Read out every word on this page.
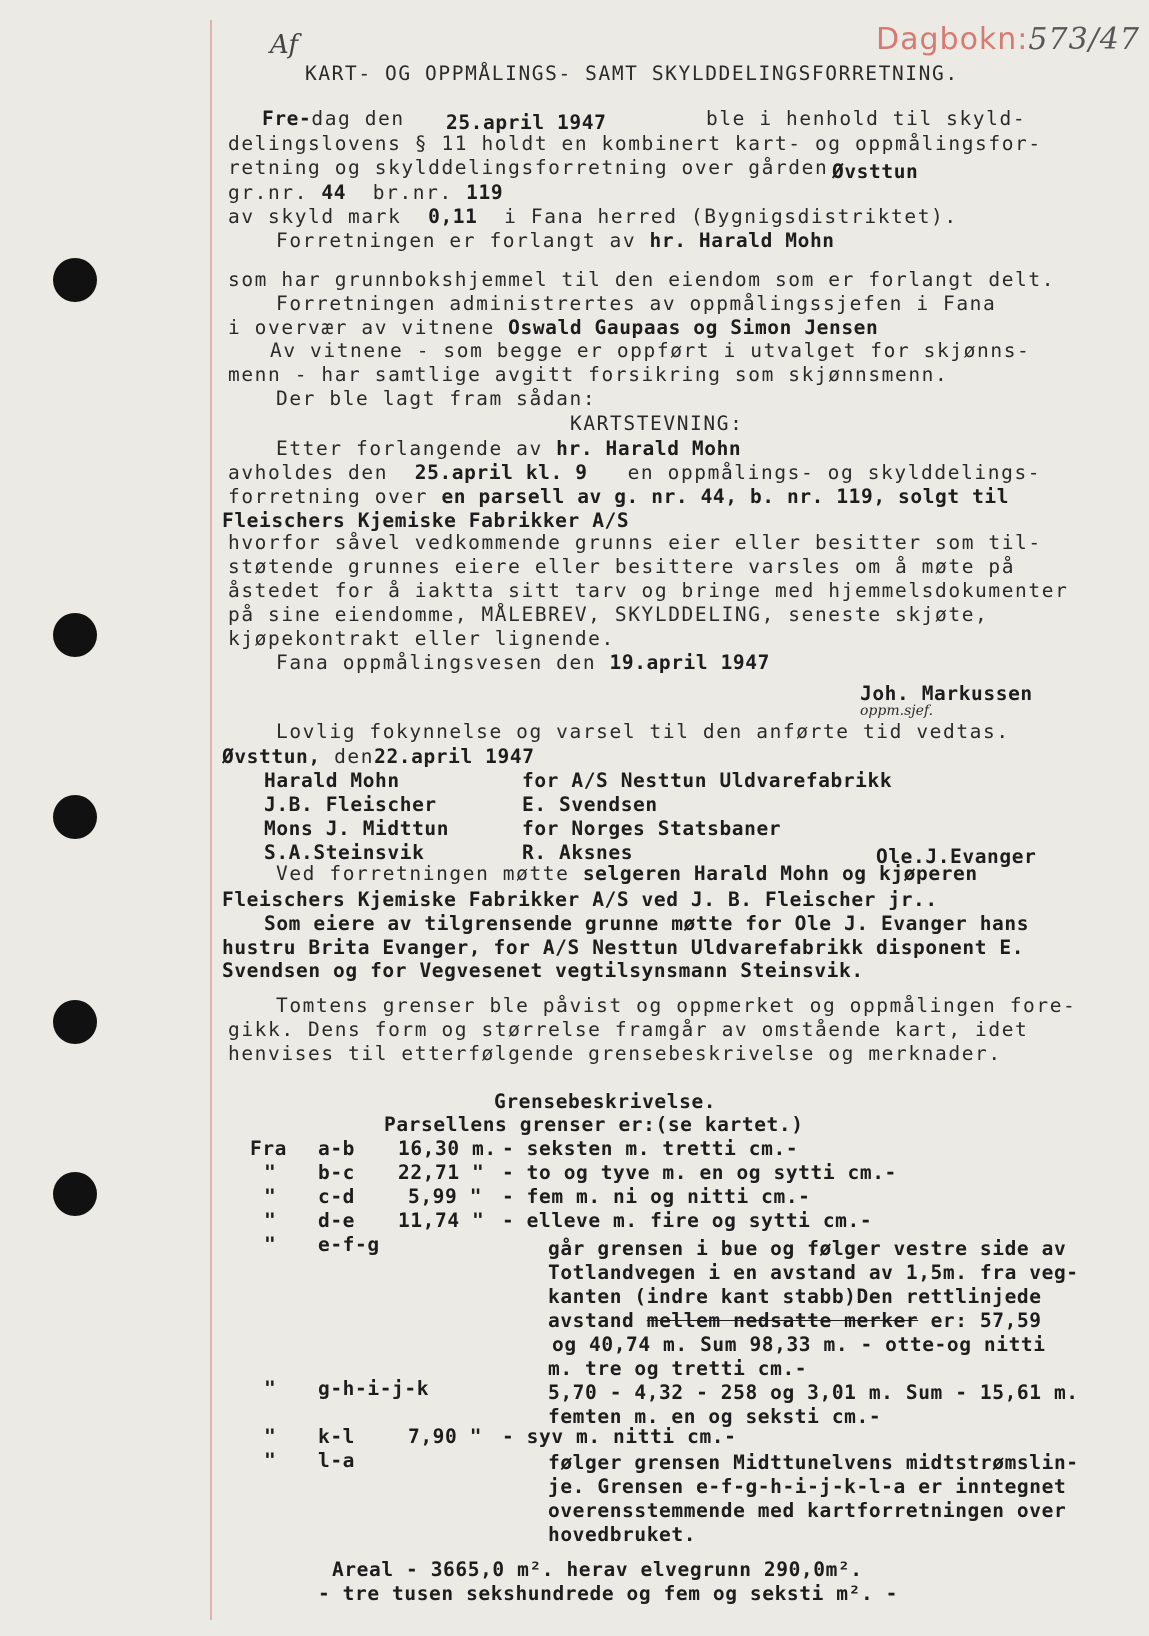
Dagbokn:573/47
Af
KART- OG OPPMÅLINGS- SAMT SKYLDDELINGSFORRETNING.
Fre-dag den 25.april 1947	ble i henhold til skyld-
delingslovens § 11 holdt en kombinert kart- og oppmålingsfor-
retning og skylddelingsforretning over gården Øvsttun
gr.nr. 44 br.nr. 119
av skyld mark 0,11 i Fana herred (Bygnigsdistriktet).
Forretningen er forlangt av hr. Harald Mohn
som har grunnbokshjemmel til den eiendom som er forlangt delt.
Forretningen administrertes av oppmålingssjefen i Fana
i overvær av vitnene Oswald Gaupaas og Simon Jensen
Av vitnene - som begge er oppført i utvalget for skjønns-
menn - har samtlige avgitt forsikring som skjønnsmenn.
Der ble lagt fram sådan:
KARTSTEVNING:
Etter forlangende av hr. Harald Mohn
avholdes den 25.april kl. 9 en oppmålings- og skylddelings-
forretning over en parsell av g. nr. 44, b. nr. 119, solgt til
Fleischers Kjemiske Fabrikker A/S
hvorfor såvel vedkommende grunns eier eller besitter som til-
støtende grunnes eiere eller besittere varsles om å møte på
åstedet for å iaktta sitt tarv og bringe med hjemmelsdokumenter
på sine eiendomme, MÅLEBREV, SKYLDDELING, seneste skjøte,
kjøpekontrakt eller lignende.
Fana oppmålingsvesen den 19.april 1947
Joh. Markussen
oppm.sjef.
Lovlig fokynnelse og varsel til den anførte tid vedtas.
Øvsttun, den22.april 1947
Harald Mohn	for A/S Nesttun Uldvarefabrikk
J.B. Fleischer	E. Svendsen
Mons J. Midttun	for Norges Statsbaner
S.A.Steinsvik	R. Aksnes	Ole.J.Evanger
Ved forretningen møtte selgeren Harald Mohn og kjøperen
Fleischers Kjemiske Fabrikker A/S ved J. B. Fleischer jr..
Som eiere av tilgrensende grunne møtte for Ole J. Evanger hans
hustru Brita Evanger, for A/S Nesttun Uldvarefabrikk disponent E.
Svendsen og for Vegvesenet vegtilsynsmann Steinsvik.
Tomtens grenser ble påvist og oppmerket og oppmålingen fore-
gikk. Dens form og størrelse framgår av omstående kart, idet
henvises til etterfølgende grensebeskrivelse og merknader.
Grensebeskrivelse.
Parsellens grenser er:(se kartet.)
Fra a-b 16,30 m. - seksten m. tretti cm.-
" b-c 22,71 " - to og tyve m. en og sytti cm.-
" c-d	5,99 " - fem m. ni og nitti cm.-
" d-e 11,74 " - elleve m. fire og sytti cm.-
" e-f-g	går grensen i bue og følger vestre side av
Totlandvegen i en avstand av 1,5m. fra veg-
kanten (indre kant stabb)Den rettlinjede
avstand mellem nedsatte merker er: 57,59
og 40,74 m. Sum 98,33 m. - otte-og nitti
m. tre og tretti cm.-
" g-h-i-j-k	5,70 - 4,32 - 258 og 3,01 m. Sum - 15,61 m.
femten m. en og seksti cm.-
" k-l	7,90 " - syv m. nitti cm.-
" l-a	følger grensen Midttunelvens midtstrømslin-
je. Grensen e-f-g-h-i-j-k-l-a er inntegnet
overensstemmende med kartforretningen over
hovedbruket.
Areal - 3665,0 m². herav elvegrunn 290,0m².
- tre tusen sekshundrede og fem og seksti m². -
